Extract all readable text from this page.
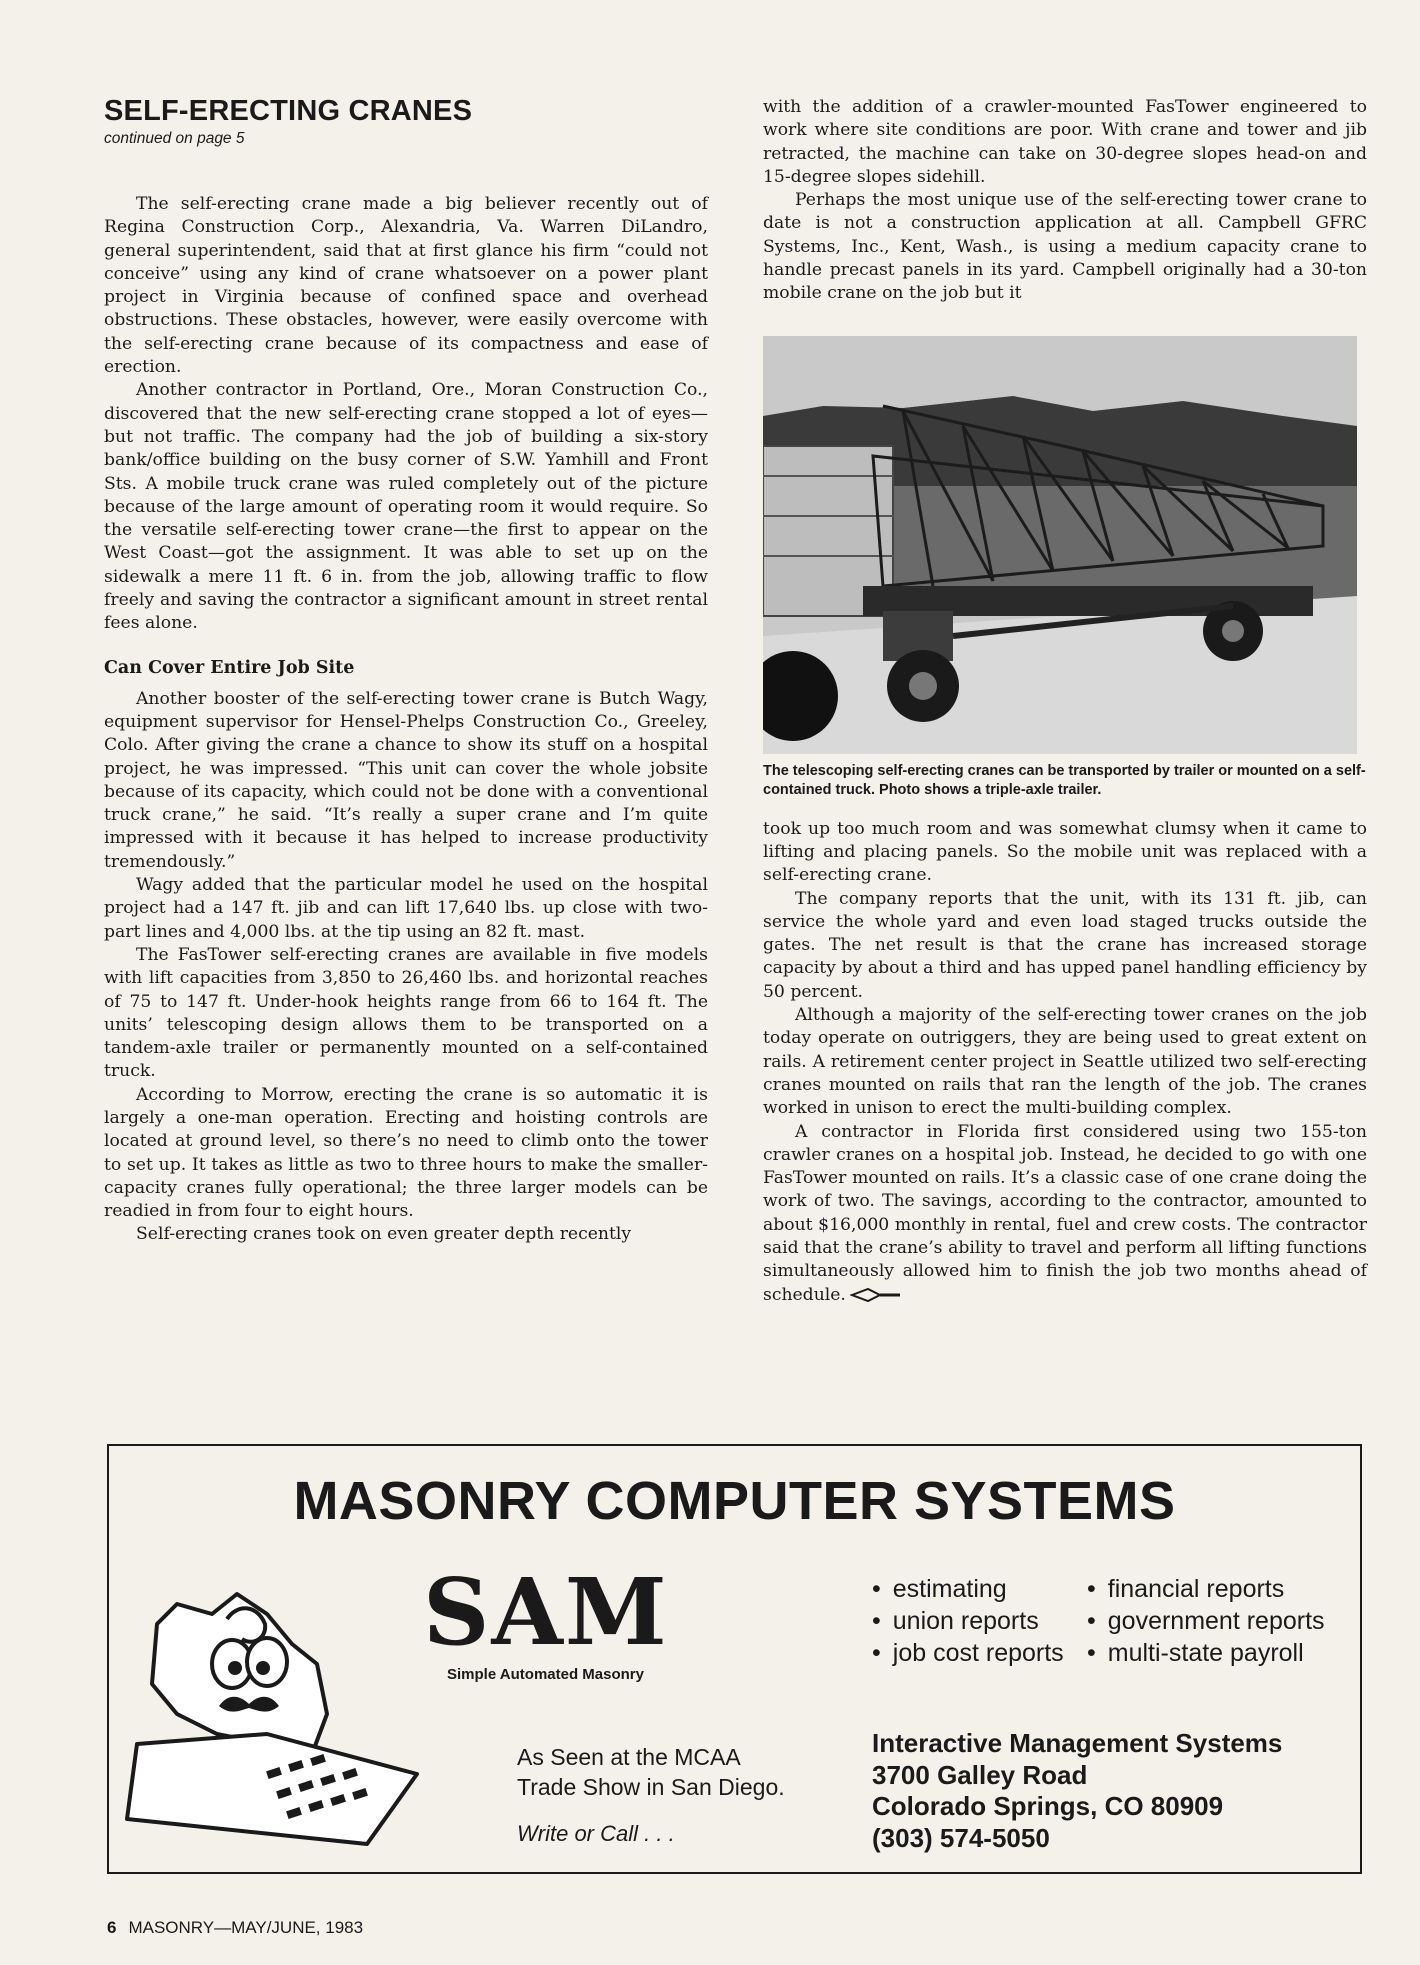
SELF-ERECTING CRANES
continued on page 5

The self-erecting crane made a big believer recently out of Regina Construction Corp., Alexandria, Va. Warren DiLandro, general superintendent, said that at first glance his firm “could not conceive” using any kind of crane whatsoever on a power plant project in Virginia because of confined space and overhead obstructions. These obstacles, however, were easily overcome with the self-erecting crane because of its compactness and ease of erection.

Another contractor in Portland, Ore., Moran Construction Co., discovered that the new self-erecting crane stopped a lot of eyes—but not traffic. The company had the job of building a six-story bank/office building on the busy corner of S.W. Yamhill and Front Sts. A mobile truck crane was ruled completely out of the picture because of the large amount of operating room it would require. So the versatile self-erecting tower crane—the first to appear on the West Coast—got the assignment. It was able to set up on the sidewalk a mere 11 ft. 6 in. from the job, allowing traffic to flow freely and saving the contractor a significant amount in street rental fees alone.

Can Cover Entire Job Site

Another booster of the self-erecting tower crane is Butch Wagy, equipment supervisor for Hensel-Phelps Construction Co., Greeley, Colo. After giving the crane a chance to show its stuff on a hospital project, he was impressed. “This unit can cover the whole jobsite because of its capacity, which could not be done with a conventional truck crane,” he said. “It’s really a super crane and I’m quite impressed with it because it has helped to increase productivity tremendously.”

Wagy added that the particular model he used on the hospital project had a 147 ft. jib and can lift 17,640 lbs. up close with two-part lines and 4,000 lbs. at the tip using an 82 ft. mast.

The FasTower self-erecting cranes are available in five models with lift capacities from 3,850 to 26,460 lbs. and horizontal reaches of 75 to 147 ft. Under-hook heights range from 66 to 164 ft. The units’ telescoping design allows them to be transported on a tandem-axle trailer or permanently mounted on a self-contained truck.

According to Morrow, erecting the crane is so automatic it is largely a one-man operation. Erecting and hoisting controls are located at ground level, so there’s no need to climb onto the tower to set up. It takes as little as two to three hours to make the smaller-capacity cranes fully operational; the three larger models can be readied in from four to eight hours.

Self-erecting cranes took on even greater depth recently

with the addition of a crawler-mounted FasTower engineered to work where site conditions are poor. With crane and tower and jib retracted, the machine can take on 30-degree slopes head-on and 15-degree slopes sidehill.

Perhaps the most unique use of the self-erecting tower crane to date is not a construction application at all. Campbell GFRC Systems, Inc., Kent, Wash., is using a medium capacity crane to handle precast panels in its yard. Campbell originally had a 30-ton mobile crane on the job but it

The telescoping self-erecting cranes can be transported by trailer or mounted on a self-contained truck. Photo shows a triple-axle trailer.

took up too much room and was somewhat clumsy when it came to lifting and placing panels. So the mobile unit was replaced with a self-erecting crane.

The company reports that the unit, with its 131 ft. jib, can service the whole yard and even load staged trucks outside the gates. The net result is that the crane has increased storage capacity by about a third and has upped panel handling efficiency by 50 percent.

Although a majority of the self-erecting tower cranes on the job today operate on outriggers, they are being used to great extent on rails. A retirement center project in Seattle utilized two self-erecting cranes mounted on rails that ran the length of the job. The cranes worked in unison to erect the multi-building complex.

A contractor in Florida first considered using two 155-ton crawler cranes on a hospital job. Instead, he decided to go with one FasTower mounted on rails. It’s a classic case of one crane doing the work of two. The savings, according to the contractor, amounted to about $16,000 monthly in rental, fuel and crew costs. The contractor said that the crane’s ability to travel and perform all lifting functions simultaneously allowed him to finish the job two months ahead of schedule.

MASONRY COMPUTER SYSTEMS
SAM
Simple Automated Masonry
• estimating	• financial reports
• union reports	• government reports
• job cost reports	• multi-state payroll
As Seen at the MCAA
Trade Show in San Diego.
Write or Call . . .
Interactive Management Systems
3700 Galley Road
Colorado Springs, CO 80909
(303) 574-5050
6 MASONRY—MAY/JUNE, 1983
